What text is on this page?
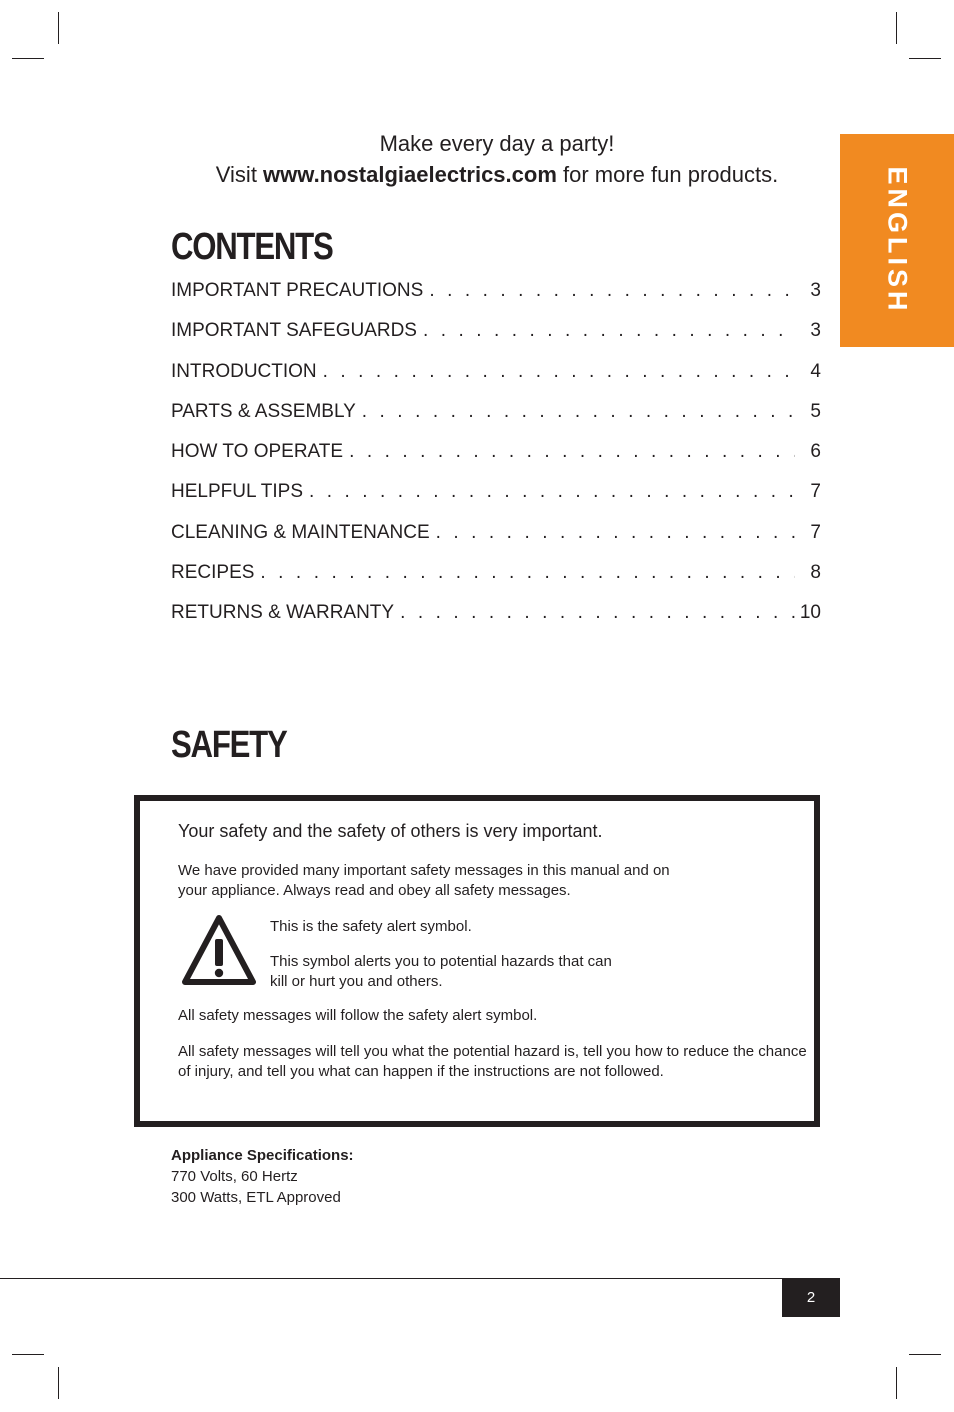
Make every day a party!
Visit www.nostalgiaelectrics.com for more fun products.	ENGLISH
CONTENTS
IMPORTANT PRECAUTIONS . . .	3
IMPORTANT SAFEGUARDS . . .	3
INTRODUCTION . . .	4
PARTS & ASSEMBLY . . .	5
HOW TO OPERATE . . .	6
HELPFUL TIPS . . .	7
CLEANING & MAINTENANCE . . .	7
RECIPES . . .	8
RETURNS & WARRANTY . . .	10
SAFETY
Your safety and the safety of others is very important.
We have provided many important safety messages in this manual and on your appliance. Always read and obey all safety messages.
This is the safety alert symbol.
This symbol alerts you to potential hazards that can kill or hurt you and others.
All safety messages will follow the safety alert symbol.
All safety messages will tell you what the potential hazard is, tell you how to reduce the chance of injury, and tell you what can happen if the instructions are not followed.
Appliance Specifications:
770 Volts, 60 Hertz
300 Watts, ETL Approved
2
